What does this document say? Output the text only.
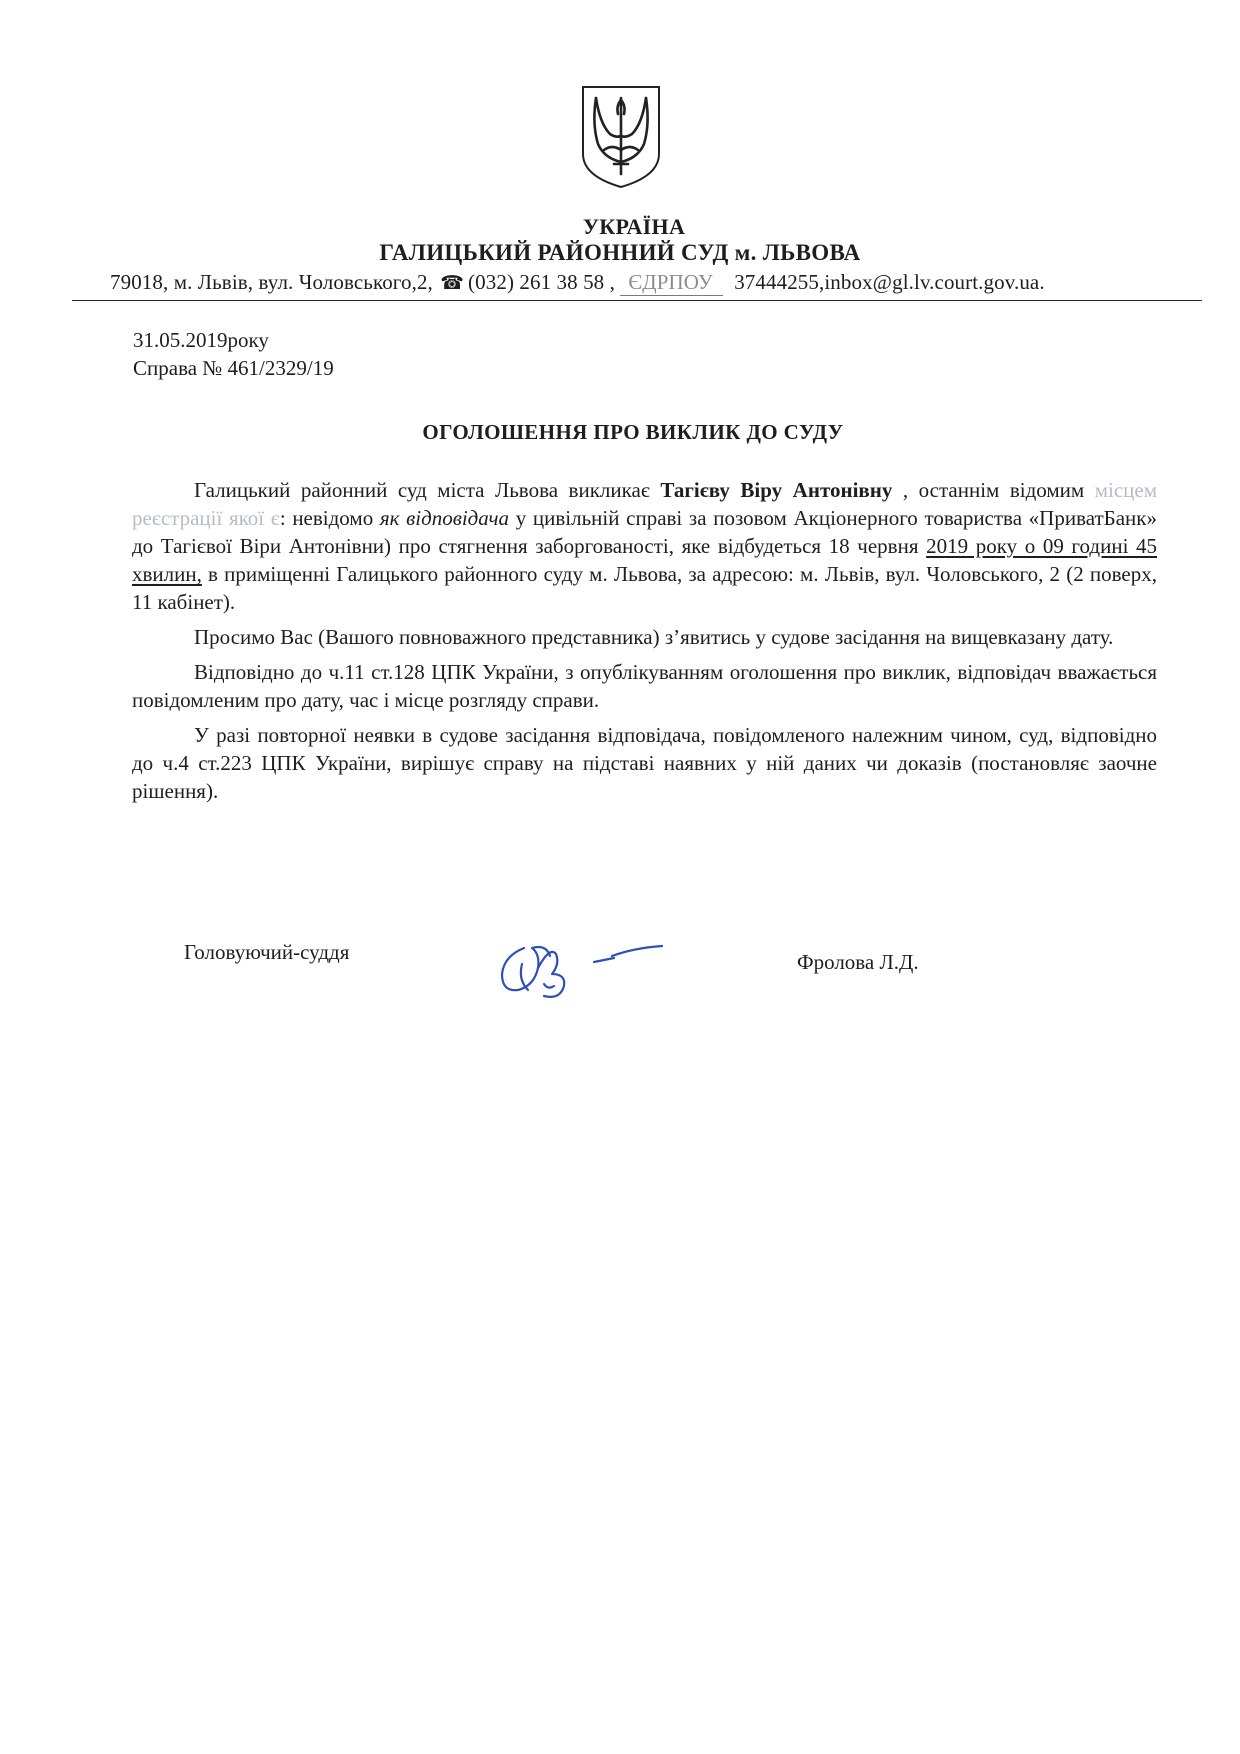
УКРАЇНА
ГАЛИЦЬКИЙ РАЙОННИЙ СУД м. ЛЬВОВА
79018, м. Львів, вул. Чоловського,2, ☎ (032) 261 38 58 , ЄДРПОУ 37444255,inbox@gl.lv.court.gov.ua.
31.05.2019року
Справа № 461/2329/19
ОГОЛОШЕННЯ ПРО ВИКЛИК ДО СУДУ

Галицький районний суд міста Львова викликає Тагієву Віру Антонівну , останнім відомим місцем реєстрації якої є: невідомо як відповідача у цивільній справі за позовом Акціонерного товариства «ПриватБанк» до Тагієвої Віри Антонівни) про стягнення заборгованості, яке відбудеться 18 червня 2019 року о 09 годині 45 хвилин, в приміщенні Галицького районного суду м. Львова, за адресою: м. Львів, вул. Чоловського, 2 (2 поверх, 11 кабінет).

Просимо Вас (Вашого повноважного представника) з’явитись у судове засідання на вищевказану дату.

Відповідно до ч.11 ст.128 ЦПК України, з опублікуванням оголошення про виклик, відповідач вважається повідомленим про дату, час і місце розгляду справи.

У разі повторної неявки в судове засідання відповідача, повідомленого належним чином, суд, відповідно до ч.4 ст.223 ЦПК України, вирішує справу на підставі наявних у ній даних чи доказів (постановляє заочне рішення).

Головуючий-суддя	Фролова Л.Д.
